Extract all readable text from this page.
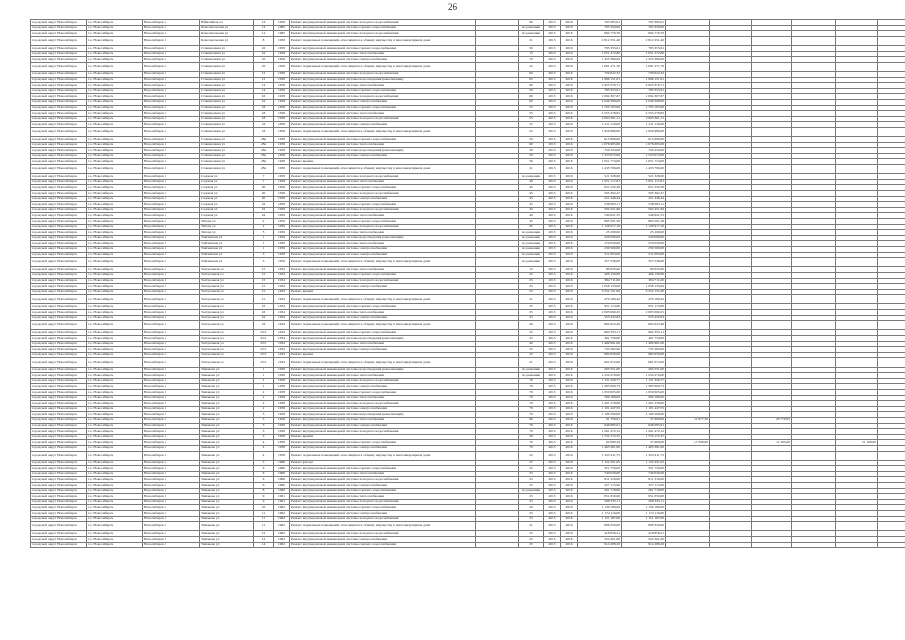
26
городской округ Новосибирск	г.о. Новосибирск	Новосибирск г	Юбилейная ул	13	1958	Ремонт внутридомовой инженерной системы холодного водоснабжения		60	2015	2016	763 385,61	763 385,61							
городской округ Новосибирск	г.о. Новосибирск	Новосибирск г	Комсомольская ул	14	1985	Ремонт внутридомовой инженерной системы горячего водоснабжения		по решению	2015	2016	763 350,00	763 350,00							
городской округ Новосибирск	г.о. Новосибирск	Новосибирск г	Комсомольская ул	14	1985	Ремонт внутридомовой инженерной системы холодного водоснабжения		по решению	2015	2016	694 770,70	694 770,70							
городской округ Новосибирск	г.о. Новосибирск	Новосибирск г	Комсомольская ул	8	1958	Ремонт подвальных помещений, относящихся к общему имуществу в многоквартирном доме		21	2015	2016	2 812 251,40	2 812 251,40							
городской округ Новосибирск	г.о. Новосибирск	Новосибирск г	Станционная ул	16	1958	Ремонт внутридомовой инженерной системы горячего водоснабжения		50	2015	2016	783 355,61	783 355,61							
городской округ Новосибирск	г.о. Новосибирск	Новосибирск г	Станционная ул	16	1958	Ремонт внутридомовой инженерной системы теплоснабжения		15	2015	2016	1 051 272,80	1 051 272,80							
городской округ Новосибирск	г.о. Новосибирск	Новосибирск г	Станционная ул	10	1958	Ремонт внутридомовой инженерной системы электроснабжения		70	2015	2016	1 325 386,00	1 325 386,00							
городской округ Новосибирск	г.о. Новосибирск	Новосибирск г	Станционная ул	10	1958	Ремонт подвальных помещений, относящихся к общему имуществу в многоквартирном доме		22	2015	2016	1 091 271,70	1 091 271,70							
городской округ Новосибирск	г.о. Новосибирск	Новосибирск г	Станционная ул	12	1958	Ремонт внутридомовой инженерной системы холодного водоснабжения		60	2015	2016	759 022,32	759 022,32							
городской округ Новосибирск	г.о. Новосибирск	Новосибирск г	Станционная ул	12	1958	Ремонт внутридомовой инженерной системы водоотведения (канализации)		65	2015	2016	1 996 151,61	1 996 151,61							
городской округ Новосибирск	г.о. Новосибирск	Новосибирск г	Станционная ул	14	1958	Ремонт внутридомовой инженерной системы теплоснабжения		60	2015	2016	2 923 370,71	2 923 370,71							
городской округ Новосибирск	г.о. Новосибирск	Новосибирск г	Станционная ул	14	1958	Ремонт внутридомовой инженерной системы горячего водоснабжения		50	2015	2016	783 355,61	783 355,61							
городской округ Новосибирск	г.о. Новосибирск	Новосибирск г	Станционная ул	16	1958	Ремонт внутридомовой инженерной системы холодного водоснабжения		60	2015	2016	1 094 307,67	1 094 307,67							
городской округ Новосибирск	г.о. Новосибирск	Новосибирск г	Станционная ул	16	1958	Ремонт внутридомовой инженерной системы электроснабжения		60	2015	2016	2 049 398,00	2 049 398,00							
городской округ Новосибирск	г.о. Новосибирск	Новосибирск г	Станционная ул	18	1958	Ремонт внутридомовой инженерной системы горячего водоснабжения		55	2015	2016	1 703 105,00	1 703 105,00							
городской округ Новосибирск	г.о. Новосибирск	Новосибирск г	Станционная ул	18	1958	Ремонт внутридомовой инженерной системы теплоснабжения		55	2015	2016	2 555 278,65	2 555 278,65							
городской округ Новосибирск	г.о. Новосибирск	Новосибирск г	Станционная ул	18	1958	Ремонт внутридомовой инженерной системы холодного водоснабжения		55	2015	2016	2 003 301,11	2 003 301,11							
городской округ Новосибирск	г.о. Новосибирск	Новосибирск г	Станционная ул	18	1958	Ремонт внутридомовой инженерной системы электроснабжения		55	2015	2016	1 211 116,00	1 211 116,00							
городской округ Новосибирск	г.о. Новосибирск	Новосибирск г	Станционная ул	18	1958	Ремонт подвальных помещений, относящихся к общему имуществу в многоквартирном доме		22	2015	2016	1 959 986,00	1 959 986,00							
городской округ Новосибирск	г.о. Новосибирск	Новосибирск г	Станционная ул	28a	1958	Ремонт внутридомовой инженерной системы горячего водоснабжения		50	2015	2016	615 666,00	615 666,00							
городской округ Новосибирск	г.о. Новосибирск	Новосибирск г	Станционная ул	28a	1958	Ремонт внутридомовой инженерной системы теплоснабжения		60	2015	2016	1 076 605,00	1 076 605,00							
городской округ Новосибирск	г.о. Новосибирск	Новосибирск г	Станционная ул	28a	1958	Ремонт внутридомовой инженерной системы водоотведения (канализации)		50	2015	2016	759 234,00	759 234,00							
городской округ Новосибирск	г.о. Новосибирск	Новосибирск г	Станционная ул	28a	1958	Ремонт внутридомовой инженерной системы электроснабжения		50	2015	2016	1 523 072,00	1 523 072,00							
городской округ Новосибирск	г.о. Новосибирск	Новосибирск г	Станционная ул	28a	1958	Ремонт крыши		50	2015	2016	1 051 774,00	1 051 774,00							
городской округ Новосибирск	г.о. Новосибирск	Новосибирск г	Станционная ул	28a	1958	Ремонт подвальных помещений, относящихся к общему имуществу в многоквартирном доме		21	2015	2016	1 433 706,00	1 433 706,00							
городской округ Новосибирск	г.о. Новосибирск	Новосибирск г	Садовая ул	7	1958	Ремонт внутридомовой инженерной системы холодного водоснабжения		по решению	2015	2016	521 328,00	521 328,00							
городской округ Новосибирск	г.о. Новосибирск	Новосибирск г	Садовая ул	7	1958	Ремонт внутридомовой инженерной системы теплоснабжения		40	2015	2016	1 051 117,81	1 051 117,81							
городской округ Новосибирск	г.о. Новосибирск	Новосибирск г	Садовая ул	20	1958	Ремонт внутридомовой инженерной системы горячего водоснабжения		45	2015	2016	651 532,58	651 532,58							
городской округ Новосибирск	г.о. Новосибирск	Новосибирск г	Садовая ул	20	1958	Ремонт внутридомовой инженерной системы холодного водоснабжения		45	2015	2016	505 362,47	505 362,47							
городской округ Новосибирск	г.о. Новосибирск	Новосибирск г	Садовая ул	20	1958	Ремонт внутридомовой инженерной системы электроснабжения		45	2015	2016	221 446,44	221 446,44							
городской округ Новосибирск	г.о. Новосибирск	Новосибирск г	Садовая ул	22	1959	Ремонт внутридомовой инженерной системы горячего водоснабжения		45	2015	2016	538 083,11	538 083,11							
городской округ Новосибирск	г.о. Новосибирск	Новосибирск г	Садовая ул	22	1959	Ремонт внутридомовой инженерной системы холодного водоснабжения		45	2015	2016	502 451,66	502 451,66							
городской округ Новосибирск	г.о. Новосибирск	Новосибирск г	Садовая ул	24	1959	Ремонт внутридомовой инженерной системы теплоснабжения		40	2015	2016	540 621,55	540 621,55							
городской округ Новосибирск	г.о. Новосибирск	Новосибирск г	Титова ул	2	1959	Ремонт внутридомовой инженерной системы горячего водоснабжения		45	2015	2016	863 501,58	863 501,58							
городской округ Новосибирск	г.о. Новосибирск	Новосибирск г	Титова ул	2	1959	Ремонт внутридомовой инженерной системы холодного водоснабжения		45	2015	2016	1 126 917,16	1 126 917,16							
городской округ Новосибирск	г.о. Новосибирск	Новосибирск г	Титова ул	3	1959	Ремонт внутридомовой инженерной системы теплоснабжения		по решению	2015	2016	25 200,00	25 200,00							
городской округ Новосибирск	г.о. Новосибирск	Новосибирск г	Тайгинская ул	1	1959	Ремонт внутридомовой инженерной системы водоотведения (канализации)		по решению	2015	2016	229 090,00	229 090,00							
городской округ Новосибирск	г.о. Новосибирск	Новосибирск г	Тайгинская ул	1	1959	Ремонт внутридомовой инженерной системы теплоснабжения		по решению	2015	2016	270 050,00	270 050,00							
городской округ Новосибирск	г.о. Новосибирск	Новосибирск г	Тайгинская ул	1	1959	Ремонт внутридомовой инженерной системы электроснабжения		по решению	2015	2016	259 560,00	259 560,00							
городской округ Новосибирск	г.о. Новосибирск	Новосибирск г	Тайгинская ул	3	1959	Ремонт внутридомовой инженерной системы электроснабжения		по решению	2015	2016	511 003,00	511 003,00							
городской округ Новосибирск	г.о. Новосибирск	Новосибирск г	Тайгинская ул	3	1959	Ремонт подвальных помещений, относящихся к общему имуществу в многоквартирном доме		по решению	2015	2016	357 236,00	357 236,00							
городской округ Новосибирск	г.о. Новосибирск	Новосибирск г	Театральная ул	15	1934	Ремонт внутридомовой инженерной системы теплоснабжения		15	2015	2016	80 635,00	80 635,00							
городской округ Новосибирск	г.о. Новосибирск	Новосибирск г	Театральная ул	15	1934	Ремонт внутридомовой инженерной системы горячего водоснабжения		25	2015	2016	406 156,00	406 156,00							
городской округ Новосибирск	г.о. Новосибирск	Новосибирск г	Театральная ул	15	1934	Ремонт внутридомовой инженерной системы холодного водоснабжения		25	2015	2016	384 711,00	384 711,00							
городской округ Новосибирск	г.о. Новосибирск	Новосибирск г	Театральная ул	15	1934	Ремонт внутридомовой инженерной системы электроснабжения		25	2015	2016	1 058 133,00	1 058 133,00							
городской округ Новосибирск	г.о. Новосибирск	Новосибирск г	Театральная ул	15	1934	Ремонт крыши		25	2015	2016	3 252 151,00	3 252 151,00							
городской округ Новосибирск	г.о. Новосибирск	Новосибирск г	Театральная ул	15	1934	Ремонт подвальных помещений, относящихся к общему имуществу в многоквартирном доме		21	2015	2016	470 189,42	470 189,42							
городской округ Новосибирск	г.о. Новосибирск	Новосибирск г	Театральная ул	16	1934	Ремонт внутридомовой инженерной системы горячего водоснабжения		25	2015	2016	951 113,00	951 113,00							
городской округ Новосибирск	г.о. Новосибирск	Новосибирск г	Театральная ул	16	1934	Ремонт внутридомовой инженерной системы теплоснабжения		25	2015	2016	2 003 060,25	2 003 060,25							
городской округ Новосибирск	г.о. Новосибирск	Новосибирск г	Театральная ул	16	1934	Ремонт внутридомовой инженерной системы электроснабжения		25	2015	2016	553 432,63	553 432,63							
городской округ Новосибирск	г.о. Новосибирск	Новосибирск г	Театральная ул	16	1934	Ремонт подвальных помещений, относящихся к общему имуществу в многоквартирном доме		26	2015	2016	862 623,48	862 623,48							
городской округ Новосибирск	г.о. Новосибирск	Новосибирск г	Театральная ул	25/1	1934	Ремонт внутридомовой инженерной системы горячего водоснабжения		25	2015	2016	662 355,11	662 355,11							
городской округ Новосибирск	г.о. Новосибирск	Новосибирск г	Театральная ул	25/1	1934	Ремонт внутридомовой инженерной системы водоотведения (канализации)		25	2015	2016	461 750,00	461 750,00							
городской округ Новосибирск	г.о. Новосибирск	Новосибирск г	Театральная ул	25/1	1934	Ремонт внутридомовой инженерной системы теплоснабжения		40	2015	2016	1 469 961,00	1 469 961,00							
городской округ Новосибирск	г.о. Новосибирск	Новосибирск г	Театральная ул	25/1	1934	Ремонт внутридомовой инженерной системы электроснабжения		25	2015	2016	735 282,00	735 282,00							
городской округ Новосибирск	г.о. Новосибирск	Новосибирск г	Театральная ул	25/1	1934	Ремонт крыши		25	2015	2016	984 650,00	984 650,00							
городской округ Новосибирск	г.о. Новосибирск	Новосибирск г	Театральная ул	25/1	1934	Ремонт подвальных помещений, относящихся к общему имуществу в многоквартирном доме		21	2015	2016	661 072,00	661 072,00							
городской округ Новосибирск	г.о. Новосибирск	Новосибирск г	Тимакова ул	1	1958	Ремонт внутридомовой инженерной системы водоотведения (канализации)		по решению	2015	2016	265 551,00	265 551,00							
городской округ Новосибирск	г.о. Новосибирск	Новосибирск г	Тимакова ул	1	1958	Ремонт внутридомовой инженерной системы теплоснабжения		по решению	2015	2016	1 254 270,00	1 254 270,00							
городской округ Новосибирск	г.о. Новосибирск	Новосибирск г	Тимакова ул	1	1958	Ремонт внутридомовой инженерной системы холодного водоснабжения		70	2015	2016	1 131 326,77	1 131 326,77							
городской округ Новосибирск	г.о. Новосибирск	Новосибирск г	Тимакова ул	1	1958	Ремонт внутридомовой инженерной системы электроснабжения		70	2015	2016	1 395 000,73	1 395 000,73							
городской округ Новосибирск	г.о. Новосибирск	Новосибирск г	Тимакова ул	2	1958	Ремонт внутридомовой инженерной системы горячего водоснабжения		70	2015	2016	1 050 005,00	1 050 005,00							
городской округ Новосибирск	г.о. Новосибирск	Новосибирск г	Тимакова ул	2	1958	Ремонт внутридомовой инженерной системы теплоснабжения		70	2015	2016	569 166,00	569 166,00							
городской округ Новосибирск	г.о. Новосибирск	Новосибирск г	Тимакова ул	2	1958	Ремонт внутридомовой инженерной системы холодного водоснабжения		70	2015	2016	1 401 278,00	1 401 278,00							
городской округ Новосибирск	г.о. Новосибирск	Новосибирск г	Тимакова ул	2	1958	Ремонт внутридомовой инженерной системы электроснабжения		70	2015	2016	1 101 447,55	1 101 447,55							
городской округ Новосибирск	г.о. Новосибирск	Новосибирск г	Тимакова ул	3	1958	Ремонт внутридомовой инженерной системы водоотведения (канализации)		70	2015	2016	1 199 200,00	1 199 200,00							
городской округ Новосибирск	г.о. Новосибирск	Новосибирск г	Тимакова ул	3	1958	Ремонт внутридомовой инженерной системы теплоснабжения		60	2015	2016	91 756,61	37 668,00	11 677,56		20 770,05				
городской округ Новосибирск	г.о. Новосибирск	Новосибирск г	Тимакова ул	3	1958	Ремонт внутридомовой инженерной системы электроснабжения		70	2015	2016	646 085,61	646 085,61							
городской округ Новосибирск	г.о. Новосибирск	Новосибирск г	Тимакова ул	3	1958	Ремонт внутридомовой инженерной системы холодного водоснабжения		70	2015	2016	1 261 472,12	1 261 472,12							
городской округ Новосибирск	г.о. Новосибирск	Новосибирск г	Тимакова ул	3	1958	Ремонт крыши		28	2015	2016	1 754 172,37	1 754 172,37							
городской округ Новосибирск	г.о. Новосибирск	Новосибирск г	Тимакова ул	4	1958	Ремонт внутридомовой инженерной системы горячего водоснабжения		70	2015	2016	94 990,29	37 668,00	17 596,00		11 595,00		21 190,00		
городской округ Новосибирск	г.о. Новосибирск	Новосибирск г	Тимакова ул	4	1958	Ремонт внутридомовой инженерной системы электроснабжения		70	2015	2016	1 463 381,00	1 463 381,00							
городской округ Новосибирск	г.о. Новосибирск	Новосибирск г	Тимакова ул	4	1958	Ремонт подвальных помещений, относящихся к общему имуществу в многоквартирном доме		22	2015	2016	1 325 411,75	1 325 411,75							
городской округ Новосибирск	г.о. Новосибирск	Новосибирск г	Тимакова ул	5	1960	Ремонт фасада		25	2015	2016	1 122 451,05	1 122 451,05							
городской округ Новосибирск	г.о. Новосибирск	Новосибирск г	Тимакова ул	6	1960	Ремонт внутридомовой инженерной системы горячего водоснабжения		25	2015	2016	351 750,00	351 750,00							
городской округ Новосибирск	г.о. Новосибирск	Новосибирск г	Тимакова ул	6	1960	Ремонт внутридомовой инженерной системы теплоснабжения		25	2015	2016	740 026,00	740 026,00							
городской округ Новосибирск	г.о. Новосибирск	Новосибирск г	Тимакова ул	6	1960	Ремонт внутридомовой инженерной системы холодного водоснабжения		25	2015	2016	811 316,00	811 316,00							
городской округ Новосибирск	г.о. Новосибирск	Новосибирск г	Тимакова ул	6	1960	Ремонт внутридомовой инженерной системы электроснабжения		25	2015	2016	327 115,00	327 115,00							
городской округ Новосибирск	г.о. Новосибирск	Новосибирск г	Тимакова ул	8	1960	Ремонт внутридомовой инженерной системы горячего водоснабжения		по решению	2015	2016	261 718,00	261 718,00							
городской округ Новосибирск	г.о. Новосибирск	Новосибирск г	Тимакова ул	9	1961	Ремонт внутридомовой инженерной системы теплоснабжения		25	2015	2016	851 050,00	851 050,00							
городской округ Новосибирск	г.о. Новосибирск	Новосибирск г	Тимакова ул	9	1961	Ремонт внутридомовой инженерной системы холодного водоснабжения		25	2015	2016	568 335,11	568 335,11							
городской округ Новосибирск	г.о. Новосибирск	Новосибирск г	Тимакова ул	10	1962	Ремонт внутридомовой инженерной системы горячего водоснабжения		20	2015	2016	1 139 186,00	1 139 186,00							
городской округ Новосибирск	г.о. Новосибирск	Новосибирск г	Тимакова ул	11	1962	Ремонт внутридомовой инженерной системы электроснабжения		25	2015	2016	1 174 116,00	1 174 116,00							
городской округ Новосибирск	г.о. Новосибирск	Новосибирск г	Тимакова ул	11	1962	Ремонт внутридомовой инженерной системы холодного водоснабжения		25	2015	2016	1 151 187,00	1 151 187,00							
городской округ Новосибирск	г.о. Новосибирск	Новосибирск г	Тимакова ул	11	1962	Ремонт подвальных помещений, относящихся к общему имуществу в многоквартирном доме		21	2015	2016	806 350,00	806 350,00							
городской округ Новосибирск	г.о. Новосибирск	Новосибирск г	Тимакова ул	12	1962	Ремонт внутридомовой инженерной системы холодного водоснабжения		25	2015	2016	418 856,21	418 856,21							
городской округ Новосибирск	г.о. Новосибирск	Новосибирск г	Тимакова ул	12	1962	Ремонт внутридомовой инженерной системы электроснабжения		25	2015	2016	524 261,00	524 261,00							
городской округ Новосибирск	г.о. Новосибирск	Новосибирск г	Тимакова ул	14	1962	Ремонт внутридомовой инженерной системы горячего водоснабжения		25	2015	2016	914 288,20	914 288,20							
